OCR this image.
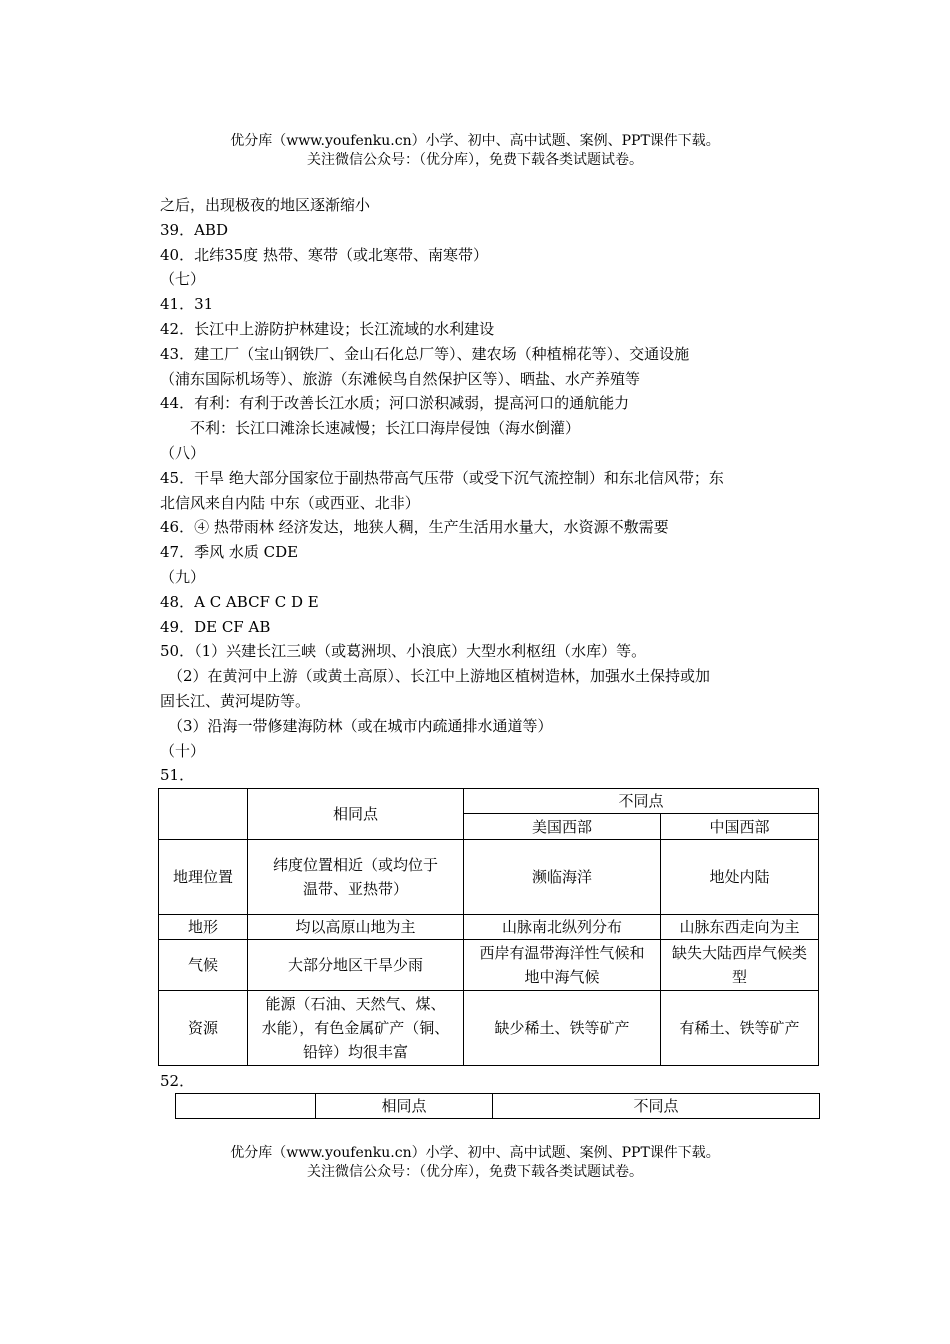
优分库（www.youfenku.cn）小学、初中、高中试题、案例、PPT课件下载。
关注微信公众号：（优分库），免费下载各类试题试卷。
之后，出现极夜的地区逐渐缩小
39．ABD
40．北纬35度 热带、寒带（或北寒带、南寒带）
（七）
41．31
42．长江中上游防护林建设；长江流域的水利建设
43．建工厂（宝山钢铁厂、金山石化总厂等）、建农场（种植棉花等）、交通设施
（浦东国际机场等）、旅游（东滩候鸟自然保护区等）、晒盐、水产养殖等
44．有利：有利于改善长江水质；河口淤积减弱，提高河口的通航能力
不利：长江口滩涂长速减慢；长江口海岸侵蚀（海水倒灌）
（八）
45．干旱 绝大部分国家位于副热带高气压带（或受下沉气流控制）和东北信风带；东
北信风来自内陆 中东（或西亚、北非）
46．④ 热带雨林 经济发达，地狭人稠，生产生活用水量大，水资源不敷需要
47．季风 水质 CDE
（九）
48．A C ABCF C D E
49．DE CF AB
50．（1）兴建长江三峡（或葛洲坝、小浪底）大型水利枢纽（水库）等。
（2）在黄河中上游（或黄土高原）、长江中上游地区植树造林，加强水土保持或加
固长江、黄河堤防等。
（3）沿海一带修建海防林（或在城市内疏通排水通道等）
（十）
51．
	相同点	不同点	
		美国西部	中国西部
地理位置	纬度位置相近（或均位于温带、亚热带）	濒临海洋	地处内陆
地形	均以高原山地为主	山脉南北纵列分布	山脉东西走向为主
气候	大部分地区干旱少雨	西岸有温带海洋性气候和地中海气候	缺失大陆西岸气候类型
资源	能源（石油、天然气、煤、水能），有色金属矿产（铜、铅锌）均很丰富	缺少稀土、铁等矿产	有稀土、铁等矿产
52．
	相同点	不同点
优分库（www.youfenku.cn）小学、初中、高中试题、案例、PPT课件下载。
关注微信公众号：（优分库），免费下载各类试题试卷。
